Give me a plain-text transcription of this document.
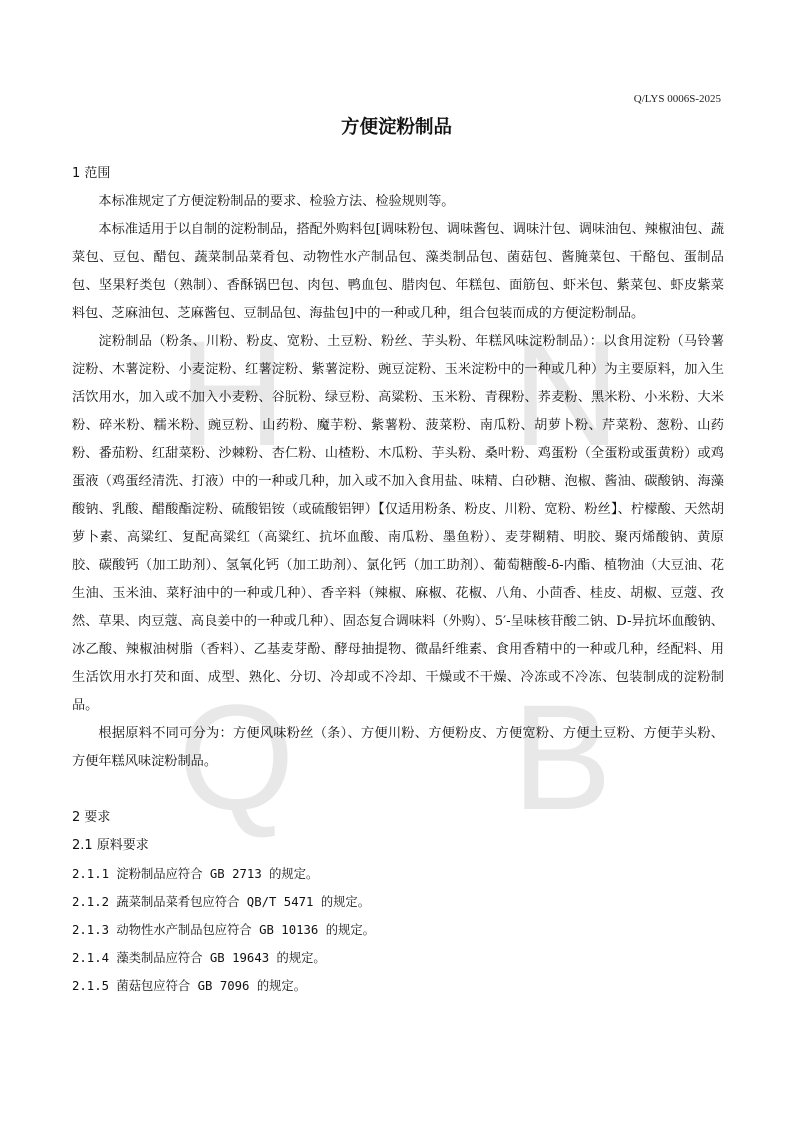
H N
Q B
Q/LYS 0006S-2025
方便淀粉制品
1 范围

本标准规定了方便淀粉制品的要求、检验方法、检验规则等。

本标准适用于以自制的淀粉制品，搭配外购料包[调味粉包、调味酱包、调味汁包、调味油包、辣椒油包、蔬菜包、豆包、醋包、蔬菜制品菜肴包、动物性水产制品包、藻类制品包、菌菇包、酱腌菜包、干酪包、蛋制品包、坚果籽类包（熟制）、香酥锅巴包、肉包、鸭血包、腊肉包、年糕包、面筋包、虾米包、紫菜包、虾皮紫菜料包、芝麻油包、芝麻酱包、豆制品包、海盐包]中的一种或几种，组合包装而成的方便淀粉制品。

淀粉制品（粉条、川粉、粉皮、宽粉、土豆粉、粉丝、芋头粉、年糕风味淀粉制品）：以食用淀粉（马铃薯淀粉、木薯淀粉、小麦淀粉、红薯淀粉、紫薯淀粉、豌豆淀粉、玉米淀粉中的一种或几种）为主要原料，加入生活饮用水，加入或不加入小麦粉、谷朊粉、绿豆粉、高粱粉、玉米粉、青稞粉、荞麦粉、黑米粉、小米粉、大米粉、碎米粉、糯米粉、豌豆粉、山药粉、魔芋粉、紫薯粉、菠菜粉、南瓜粉、胡萝卜粉、芹菜粉、葱粉、山药粉、番茄粉、红甜菜粉、沙棘粉、杏仁粉、山楂粉、木瓜粉、芋头粉、桑叶粉、鸡蛋粉（全蛋粉或蛋黄粉）或鸡蛋液（鸡蛋经清洗、打液）中的一种或几种，加入或不加入食用盐、味精、白砂糖、泡椒、酱油、碳酸钠、海藻酸钠、乳酸、醋酸酯淀粉、硫酸铝铵（或硫酸铝钾）【仅适用粉条、粉皮、川粉、宽粉、粉丝】、柠檬酸、天然胡萝卜素、高粱红、复配高粱红（高粱红、抗坏血酸、南瓜粉、墨鱼粉）、麦芽糊精、明胶、聚丙烯酸钠、黄原胶、碳酸钙（加工助剂）、氢氧化钙（加工助剂）、氯化钙（加工助剂）、葡萄糖酸-δ-内酯、植物油（大豆油、花生油、玉米油、菜籽油中的一种或几种）、香辛料（辣椒、麻椒、花椒、八角、小茴香、桂皮、胡椒、豆蔻、孜然、草果、肉豆蔻、高良姜中的一种或几种）、固态复合调味料（外购）、5′-呈味核苷酸二钠、D-异抗坏血酸钠、冰乙酸、辣椒油树脂（香料）、乙基麦芽酚、酵母抽提物、微晶纤维素、食用香精中的一种或几种，经配料、用生活饮用水打芡和面、成型、熟化、分切、冷却或不冷却、干燥或不干燥、冷冻或不冷冻、包装制成的淀粉制品。

根据原料不同可分为：方便风味粉丝（条）、方便川粉、方便粉皮、方便宽粉、方便土豆粉、方便芋头粉、方便年糕风味淀粉制品。

2 要求
2.1 原料要求
2.1.1 淀粉制品应符合 GB 2713 的规定。
2.1.2 蔬菜制品菜肴包应符合 QB/T 5471 的规定。
2.1.3 动物性水产制品包应符合 GB 10136 的规定。
2.1.4 藻类制品应符合 GB 19643 的规定。
2.1.5 菌菇包应符合 GB 7096 的规定。
